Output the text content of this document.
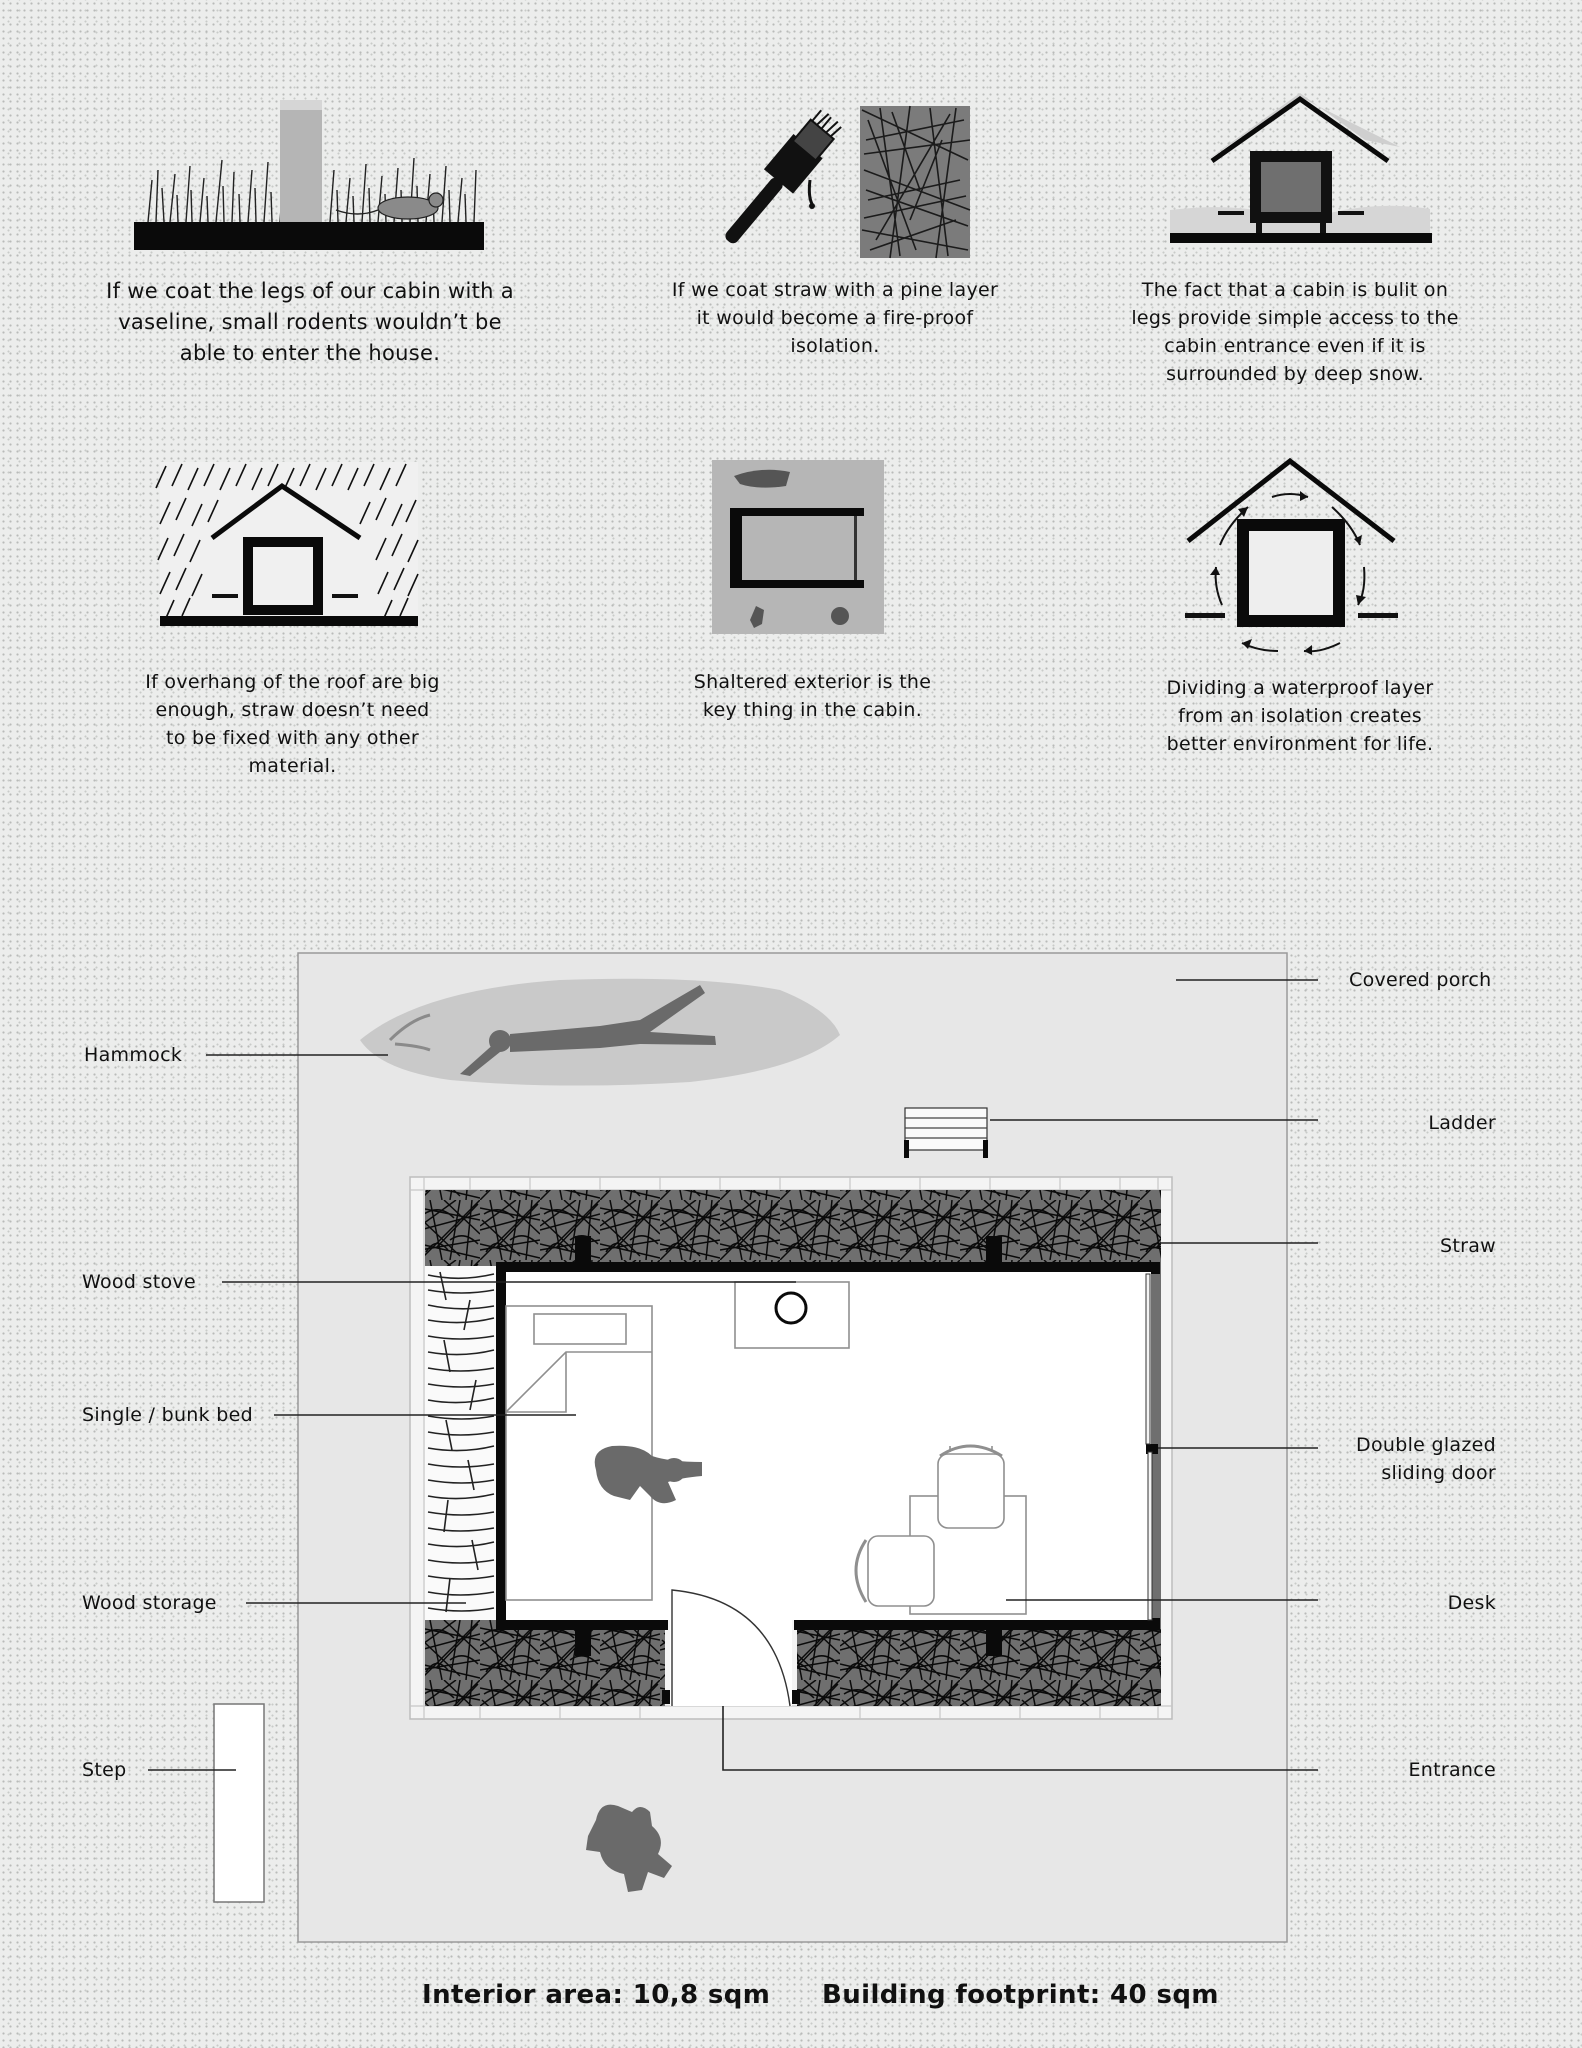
If we coat the legs of our cabin with a vaseline, small rodents wouldn’t be able to enter the house.
If we coat straw with a pine layer it would become a fire-proof isolation.
The fact that a cabin is bulit on legs provide simple access to the cabin entrance even if it is surrounded by deep snow.
If overhang of the roof are big enough, straw doesn’t need to be fixed with any other material.
Shaltered exterior is the key thing in the cabin.
Dividing a waterproof layer from an isolation creates better environment for life.
Covered porch
Hammock
Ladder
Straw
Wood stove
Single / bunk bed
Double glazed
sliding door
Wood storage	Desk
Step	Entrance
Interior area: 10,8 sqm Building footprint: 40 sqm
